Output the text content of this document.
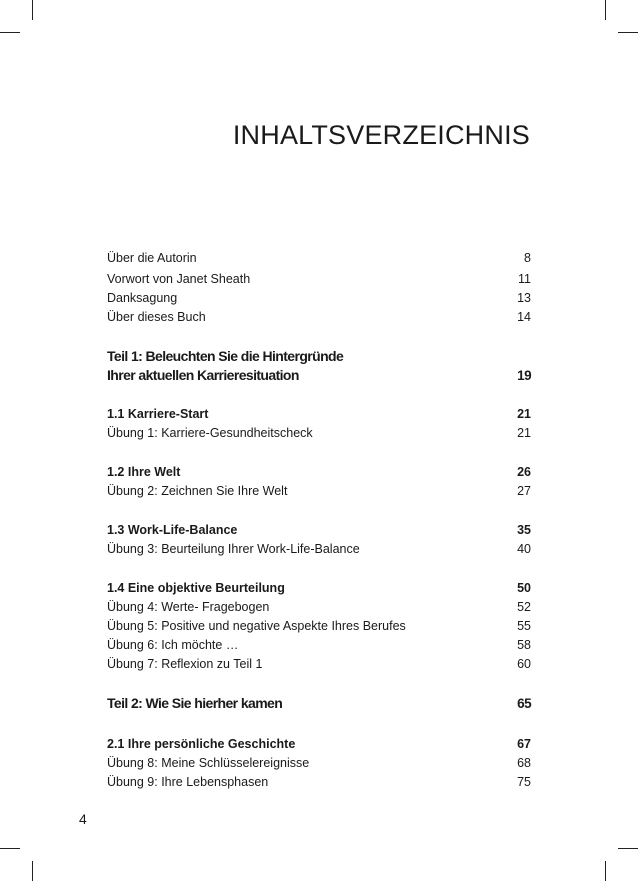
INHALTSVERZEICHNIS
Über die Autorin	8
Vorwort von Janet Sheath	11
Danksagung	13
Über dieses Buch	14
Teil 1: Beleuchten Sie die Hintergründe
Ihrer aktuellen Karrieresituation	19
1.1 Karriere-Start	21
Übung 1: Karriere-Gesundheitscheck	21
1.2 Ihre Welt	26
Übung 2: Zeichnen Sie Ihre Welt	27
1.3 Work-Life-Balance	35
Übung 3: Beurteilung Ihrer Work-Life-Balance	40
1.4 Eine objektive Beurteilung	50
Übung 4: Werte- Fragebogen	52
Übung 5: Positive und negative Aspekte Ihres Berufes	55
Übung 6: Ich möchte …	58
Übung 7: Reflexion zu Teil 1	60
Teil 2: Wie Sie hierher kamen	65
2.1 Ihre persönliche Geschichte	67
Übung 8: Meine Schlüsselereignisse	68
Übung 9: Ihre Lebensphasen	75
4
